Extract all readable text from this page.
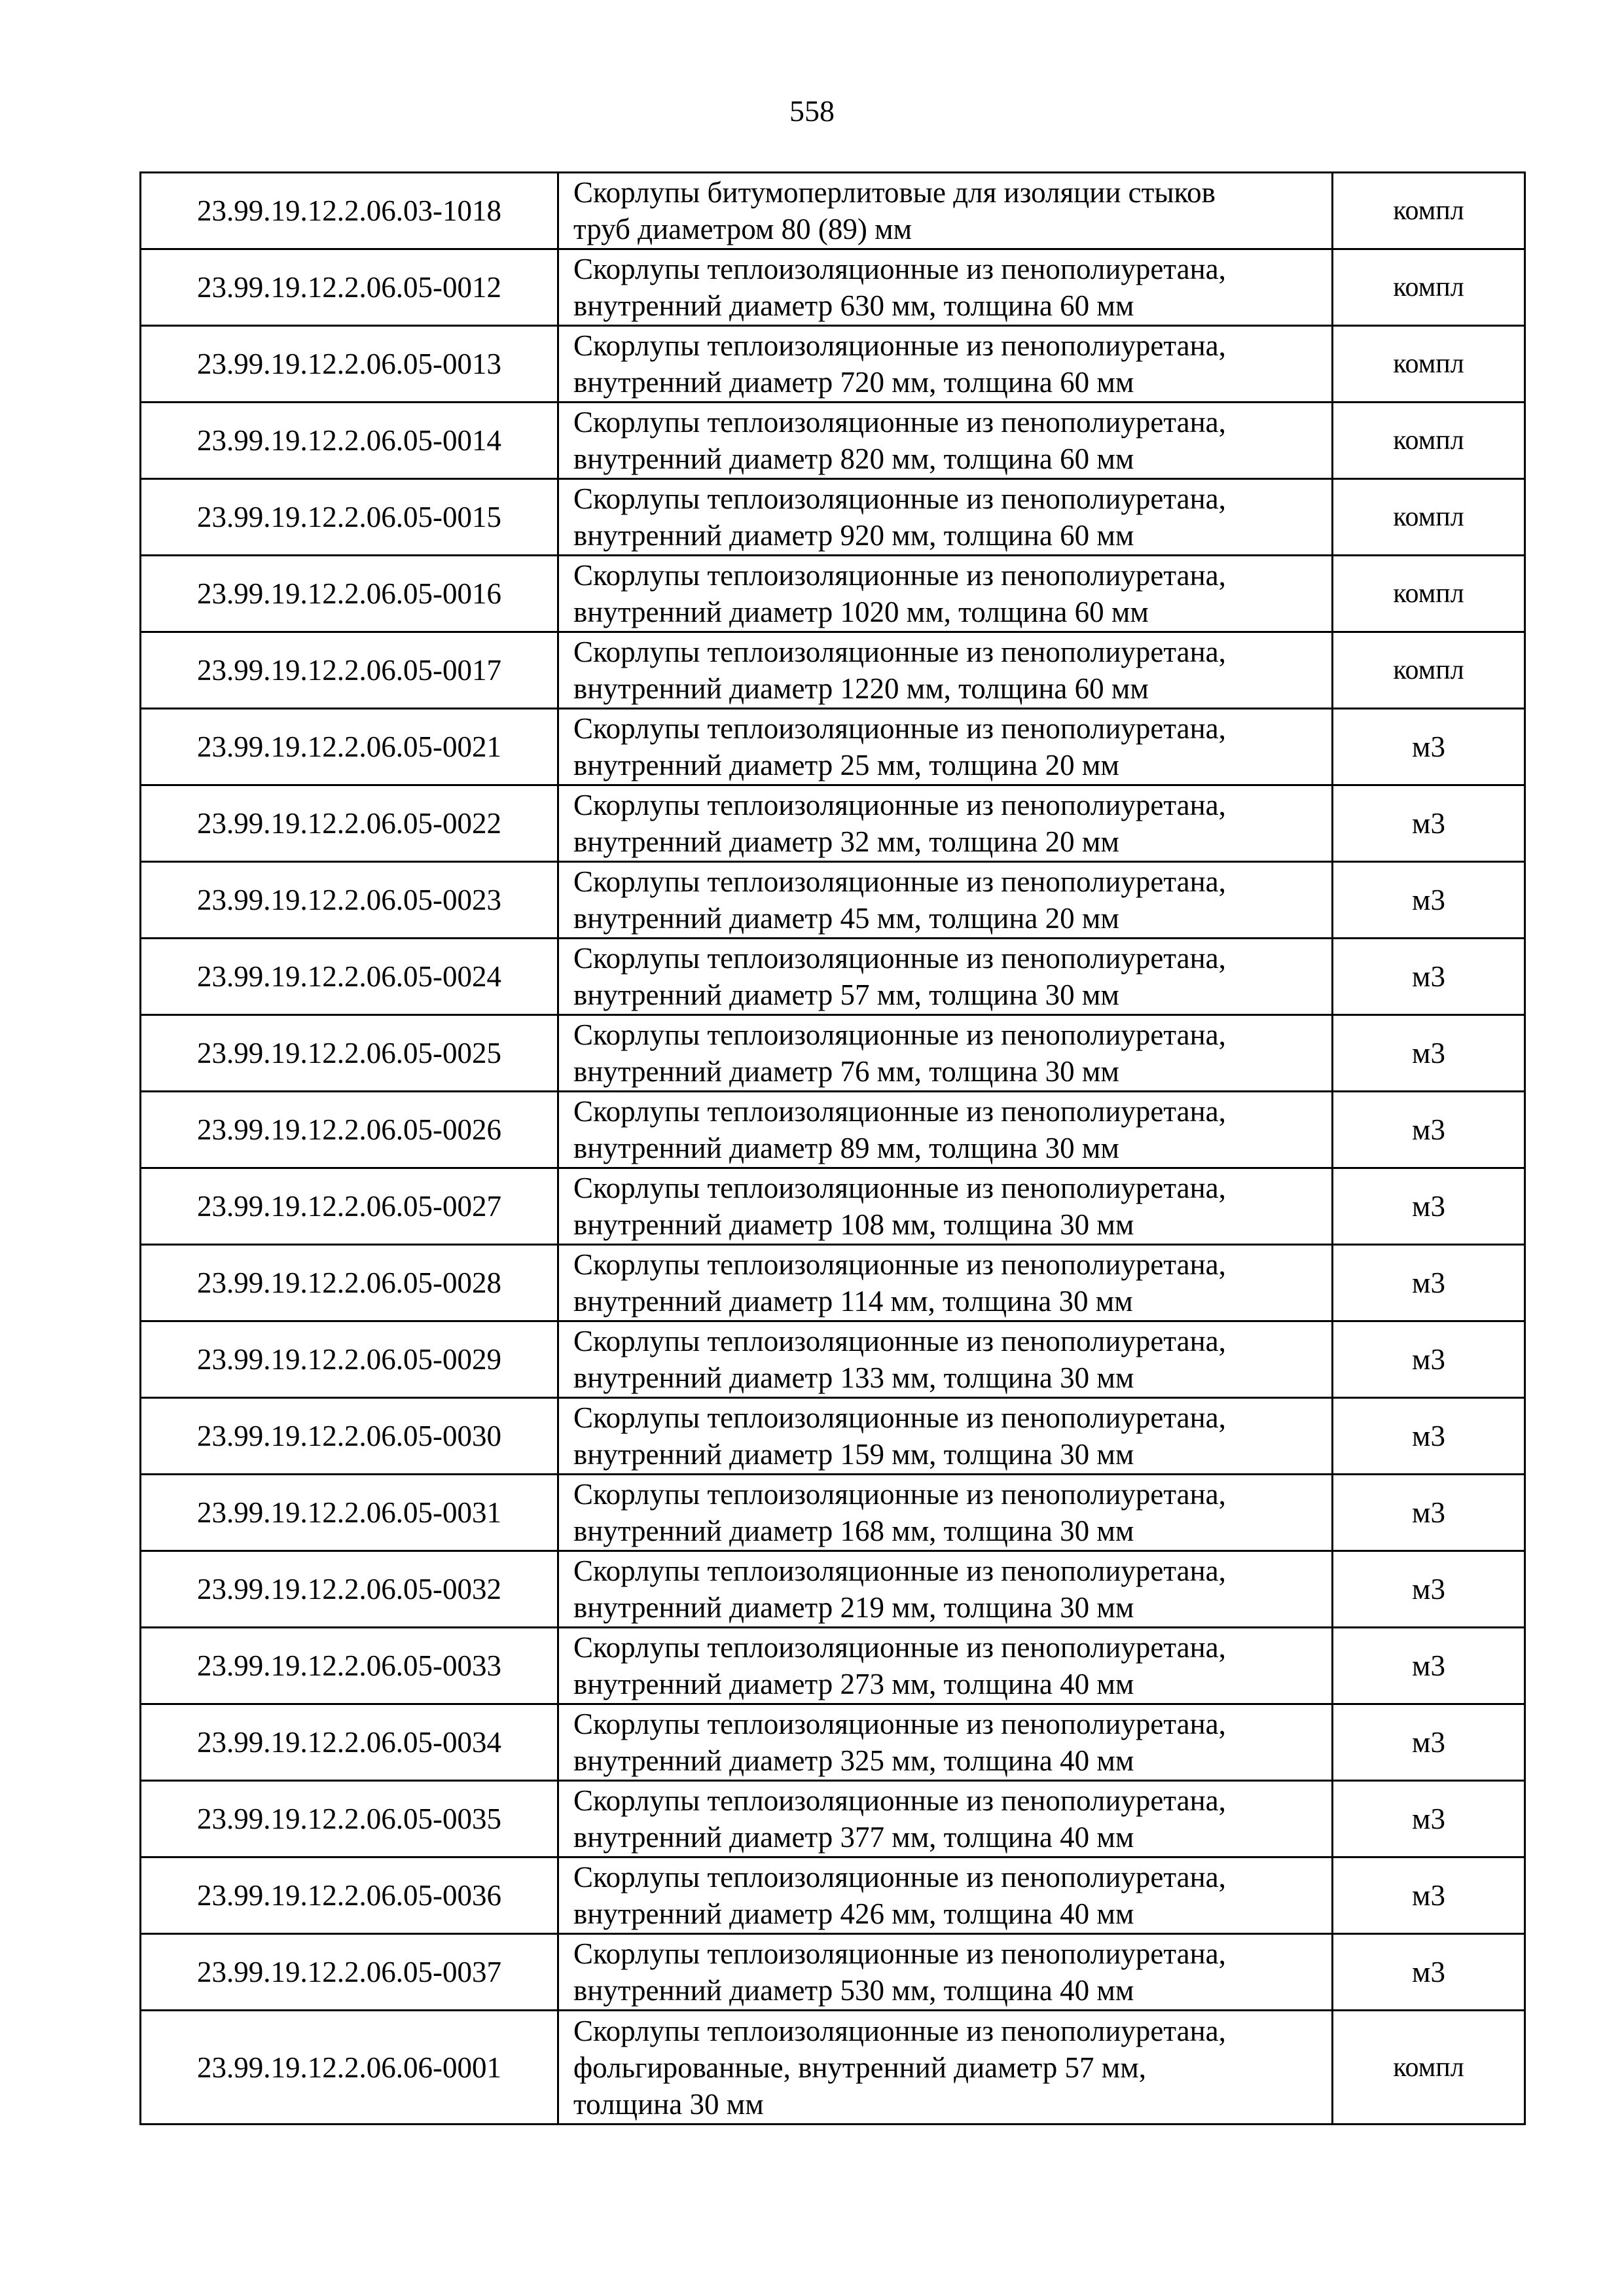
558
23.99.19.12.2.06.03-1018	Скорлупы битумоперлитовые для изоляции стыков
труб диаметром 80 (89) мм	компл
23.99.19.12.2.06.05-0012	Скорлупы теплоизоляционные из пенополиуретана,
внутренний диаметр 630 мм, толщина 60 мм	компл
23.99.19.12.2.06.05-0013	Скорлупы теплоизоляционные из пенополиуретана,
внутренний диаметр 720 мм, толщина 60 мм	компл
23.99.19.12.2.06.05-0014	Скорлупы теплоизоляционные из пенополиуретана,
внутренний диаметр 820 мм, толщина 60 мм	компл
23.99.19.12.2.06.05-0015	Скорлупы теплоизоляционные из пенополиуретана,
внутренний диаметр 920 мм, толщина 60 мм	компл
23.99.19.12.2.06.05-0016	Скорлупы теплоизоляционные из пенополиуретана,
внутренний диаметр 1020 мм, толщина 60 мм	компл
23.99.19.12.2.06.05-0017	Скорлупы теплоизоляционные из пенополиуретана,
внутренний диаметр 1220 мм, толщина 60 мм	компл
23.99.19.12.2.06.05-0021	Скорлупы теплоизоляционные из пенополиуретана,
внутренний диаметр 25 мм, толщина 20 мм	м3
23.99.19.12.2.06.05-0022	Скорлупы теплоизоляционные из пенополиуретана,
внутренний диаметр 32 мм, толщина 20 мм	м3
23.99.19.12.2.06.05-0023	Скорлупы теплоизоляционные из пенополиуретана,
внутренний диаметр 45 мм, толщина 20 мм	м3
23.99.19.12.2.06.05-0024	Скорлупы теплоизоляционные из пенополиуретана,
внутренний диаметр 57 мм, толщина 30 мм	м3
23.99.19.12.2.06.05-0025	Скорлупы теплоизоляционные из пенополиуретана,
внутренний диаметр 76 мм, толщина 30 мм	м3
23.99.19.12.2.06.05-0026	Скорлупы теплоизоляционные из пенополиуретана,
внутренний диаметр 89 мм, толщина 30 мм	м3
23.99.19.12.2.06.05-0027	Скорлупы теплоизоляционные из пенополиуретана,
внутренний диаметр 108 мм, толщина 30 мм	м3
23.99.19.12.2.06.05-0028	Скорлупы теплоизоляционные из пенополиуретана,
внутренний диаметр 114 мм, толщина 30 мм	м3
23.99.19.12.2.06.05-0029	Скорлупы теплоизоляционные из пенополиуретана,
внутренний диаметр 133 мм, толщина 30 мм	м3
23.99.19.12.2.06.05-0030	Скорлупы теплоизоляционные из пенополиуретана,
внутренний диаметр 159 мм, толщина 30 мм	м3
23.99.19.12.2.06.05-0031	Скорлупы теплоизоляционные из пенополиуретана,
внутренний диаметр 168 мм, толщина 30 мм	м3
23.99.19.12.2.06.05-0032	Скорлупы теплоизоляционные из пенополиуретана,
внутренний диаметр 219 мм, толщина 30 мм	м3
23.99.19.12.2.06.05-0033	Скорлупы теплоизоляционные из пенополиуретана,
внутренний диаметр 273 мм, толщина 40 мм	м3
23.99.19.12.2.06.05-0034	Скорлупы теплоизоляционные из пенополиуретана,
внутренний диаметр 325 мм, толщина 40 мм	м3
23.99.19.12.2.06.05-0035	Скорлупы теплоизоляционные из пенополиуретана,
внутренний диаметр 377 мм, толщина 40 мм	м3
23.99.19.12.2.06.05-0036	Скорлупы теплоизоляционные из пенополиуретана,
внутренний диаметр 426 мм, толщина 40 мм	м3
23.99.19.12.2.06.05-0037	Скорлупы теплоизоляционные из пенополиуретана,
внутренний диаметр 530 мм, толщина 40 мм	м3
23.99.19.12.2.06.06-0001	Скорлупы теплоизоляционные из пенополиуретана,
фольгированные, внутренний диаметр 57 мм,
толщина 30 мм	компл
